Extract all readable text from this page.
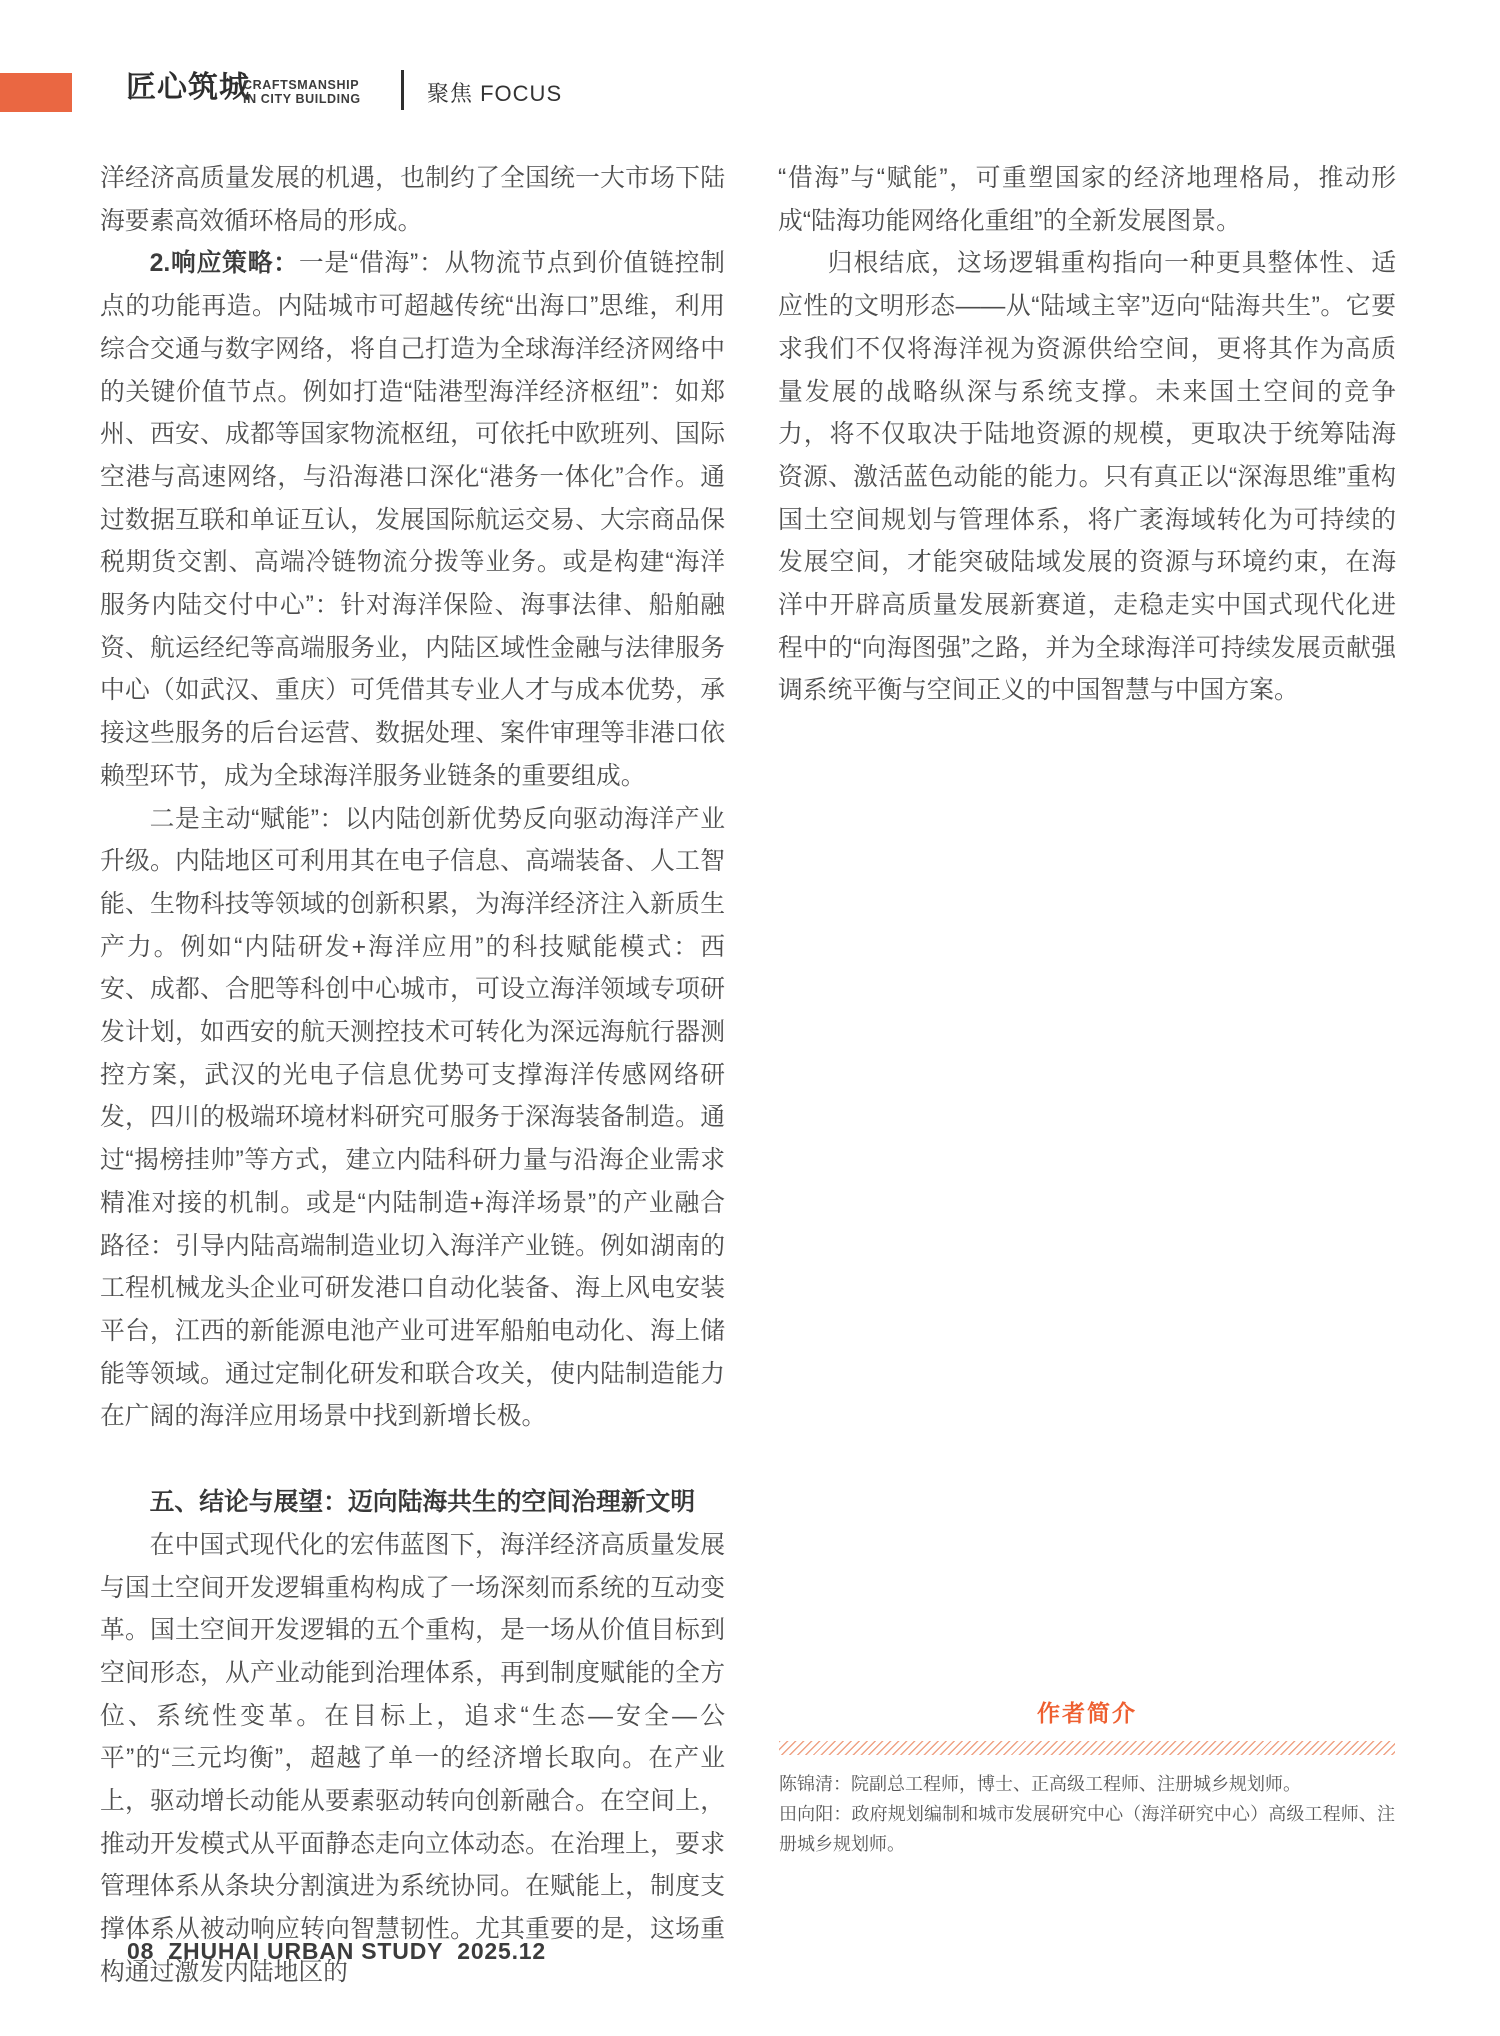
匠心筑城
CRAFTSMANSHIP
IN CITY BUILDING	聚焦 FOCUS

洋经济高质量发展的机遇，也制约了全国统一大市场下陆海要素高效循环格局的形成。

2.响应策略：一是“借海”：从物流节点到价值链控制点的功能再造。内陆城市可超越传统“出海口”思维，利用综合交通与数字网络，将自己打造为全球海洋经济网络中的关键价值节点。例如打造“陆港型海洋经济枢纽”：如郑州、西安、成都等国家物流枢纽，可依托中欧班列、国际空港与高速网络，与沿海港口深化“港务一体化”合作。通过数据互联和单证互认，发展国际航运交易、大宗商品保税期货交割、高端冷链物流分拨等业务。或是构建“海洋服务内陆交付中心”：针对海洋保险、海事法律、船舶融资、航运经纪等高端服务业，内陆区域性金融与法律服务中心（如武汉、重庆）可凭借其专业人才与成本优势，承接这些服务的后台运营、数据处理、案件审理等非港口依赖型环节，成为全球海洋服务业链条的重要组成。

二是主动“赋能”：以内陆创新优势反向驱动海洋产业升级。内陆地区可利用其在电子信息、高端装备、人工智能、生物科技等领域的创新积累，为海洋经济注入新质生产力。例如“内陆研发+海洋应用”的科技赋能模式：西安、成都、合肥等科创中心城市，可设立海洋领域专项研发计划，如西安的航天测控技术可转化为深远海航行器测控方案，武汉的光电子信息优势可支撑海洋传感网络研发，四川的极端环境材料研究可服务于深海装备制造。通过“揭榜挂帅”等方式，建立内陆科研力量与沿海企业需求精准对接的机制。或是“内陆制造+海洋场景”的产业融合路径：引导内陆高端制造业切入海洋产业链。例如湖南的工程机械龙头企业可研发港口自动化装备、海上风电安装平台，江西的新能源电池产业可进军船舶电动化、海上储能等领域。通过定制化研发和联合攻关，使内陆制造能力在广阔的海洋应用场景中找到新增长极。

五、结论与展望：迈向陆海共生的空间治理新文明

在中国式现代化的宏伟蓝图下，海洋经济高质量发展与国土空间开发逻辑重构构成了一场深刻而系统的互动变革。国土空间开发逻辑的五个重构，是一场从价值目标到空间形态，从产业动能到治理体系，再到制度赋能的全方位、系统性变革。在目标上，追求“生态—安全—公平”的“三元均衡”，超越了单一的经济增长取向。在产业上，驱动增长动能从要素驱动转向创新融合。在空间上，推动开发模式从平面静态走向立体动态。在治理上，要求管理体系从条块分割演进为系统协同。在赋能上，制度支撑体系从被动响应转向智慧韧性。尤其重要的是，这场重构通过激发内陆地区的

“借海”与“赋能”，可重塑国家的经济地理格局，推动形成“陆海功能网络化重组”的全新发展图景。

归根结底，这场逻辑重构指向一种更具整体性、适应性的文明形态——从“陆域主宰”迈向“陆海共生”。它要求我们不仅将海洋视为资源供给空间，更将其作为高质量发展的战略纵深与系统支撑。未来国土空间的竞争力，将不仅取决于陆地资源的规模，更取决于统筹陆海资源、激活蓝色动能的能力。只有真正以“深海思维”重构国土空间规划与管理体系，将广袤海域转化为可持续的发展空间，才能突破陆域发展的资源与环境约束，在海洋中开辟高质量发展新赛道，走稳走实中国式现代化进程中的“向海图强”之路，并为全球海洋可持续发展贡献强调系统平衡与空间正义的中国智慧与中国方案。

作者简介

陈锦清：院副总工程师，博士、正高级工程师、注册城乡规划师。

田向阳：政府规划编制和城市发展研究中心（海洋研究中心）高级工程师、注册城乡规划师。

08 ZHUHAI URBAN STUDY 2025.12
